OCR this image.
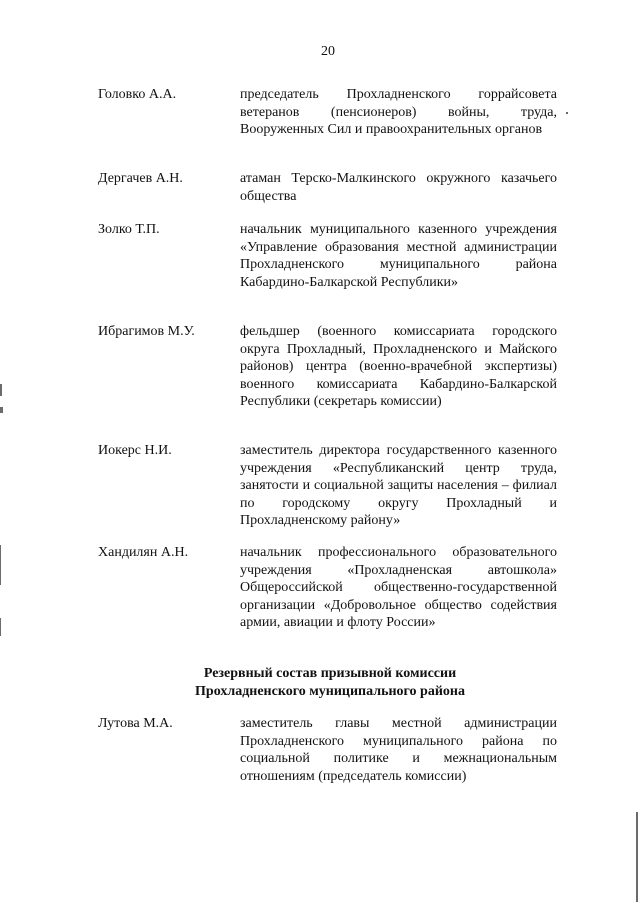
20
Головко А.А.	председатель Прохладненского горрайсовета ветеранов (пенсионеров) войны, труда, Вооруженных Сил и правоохранительных органов
Дергачев А.Н.	атаман Терско-Малкинского окружного казачьего общества
Золко Т.П.	начальник муниципального казенного учреждения «Управление образования местной администрации Прохладненского муниципального района Кабардино-Балкарской Республики»
Ибрагимов М.У.	фельдшер (военного комиссариата городского округа Прохладный, Прохладненского и Майского районов) центра (военно-врачебной экспертизы) военного комиссариата Кабардино-Балкарской Республики (секретарь комиссии)
Иокерс Н.И.	заместитель директора государственного казенного учреждения «Республиканский центр труда, занятости и социальной защиты населения – филиал по городскому округу Прохладный и Прохладненскому району»
Хандилян А.Н.	начальник профессионального образовательного учреждения «Прохладненская автошкола» Общероссийской общественно-государственной организации «Добровольное общество содействия армии, авиации и флоту России»
Резервный состав призывной комиссии
Прохладненского муниципального района
Лутова М.А.	заместитель главы местной администрации Прохладненского муниципального района по социальной политике и межнациональным отношениям (председатель комиссии)
